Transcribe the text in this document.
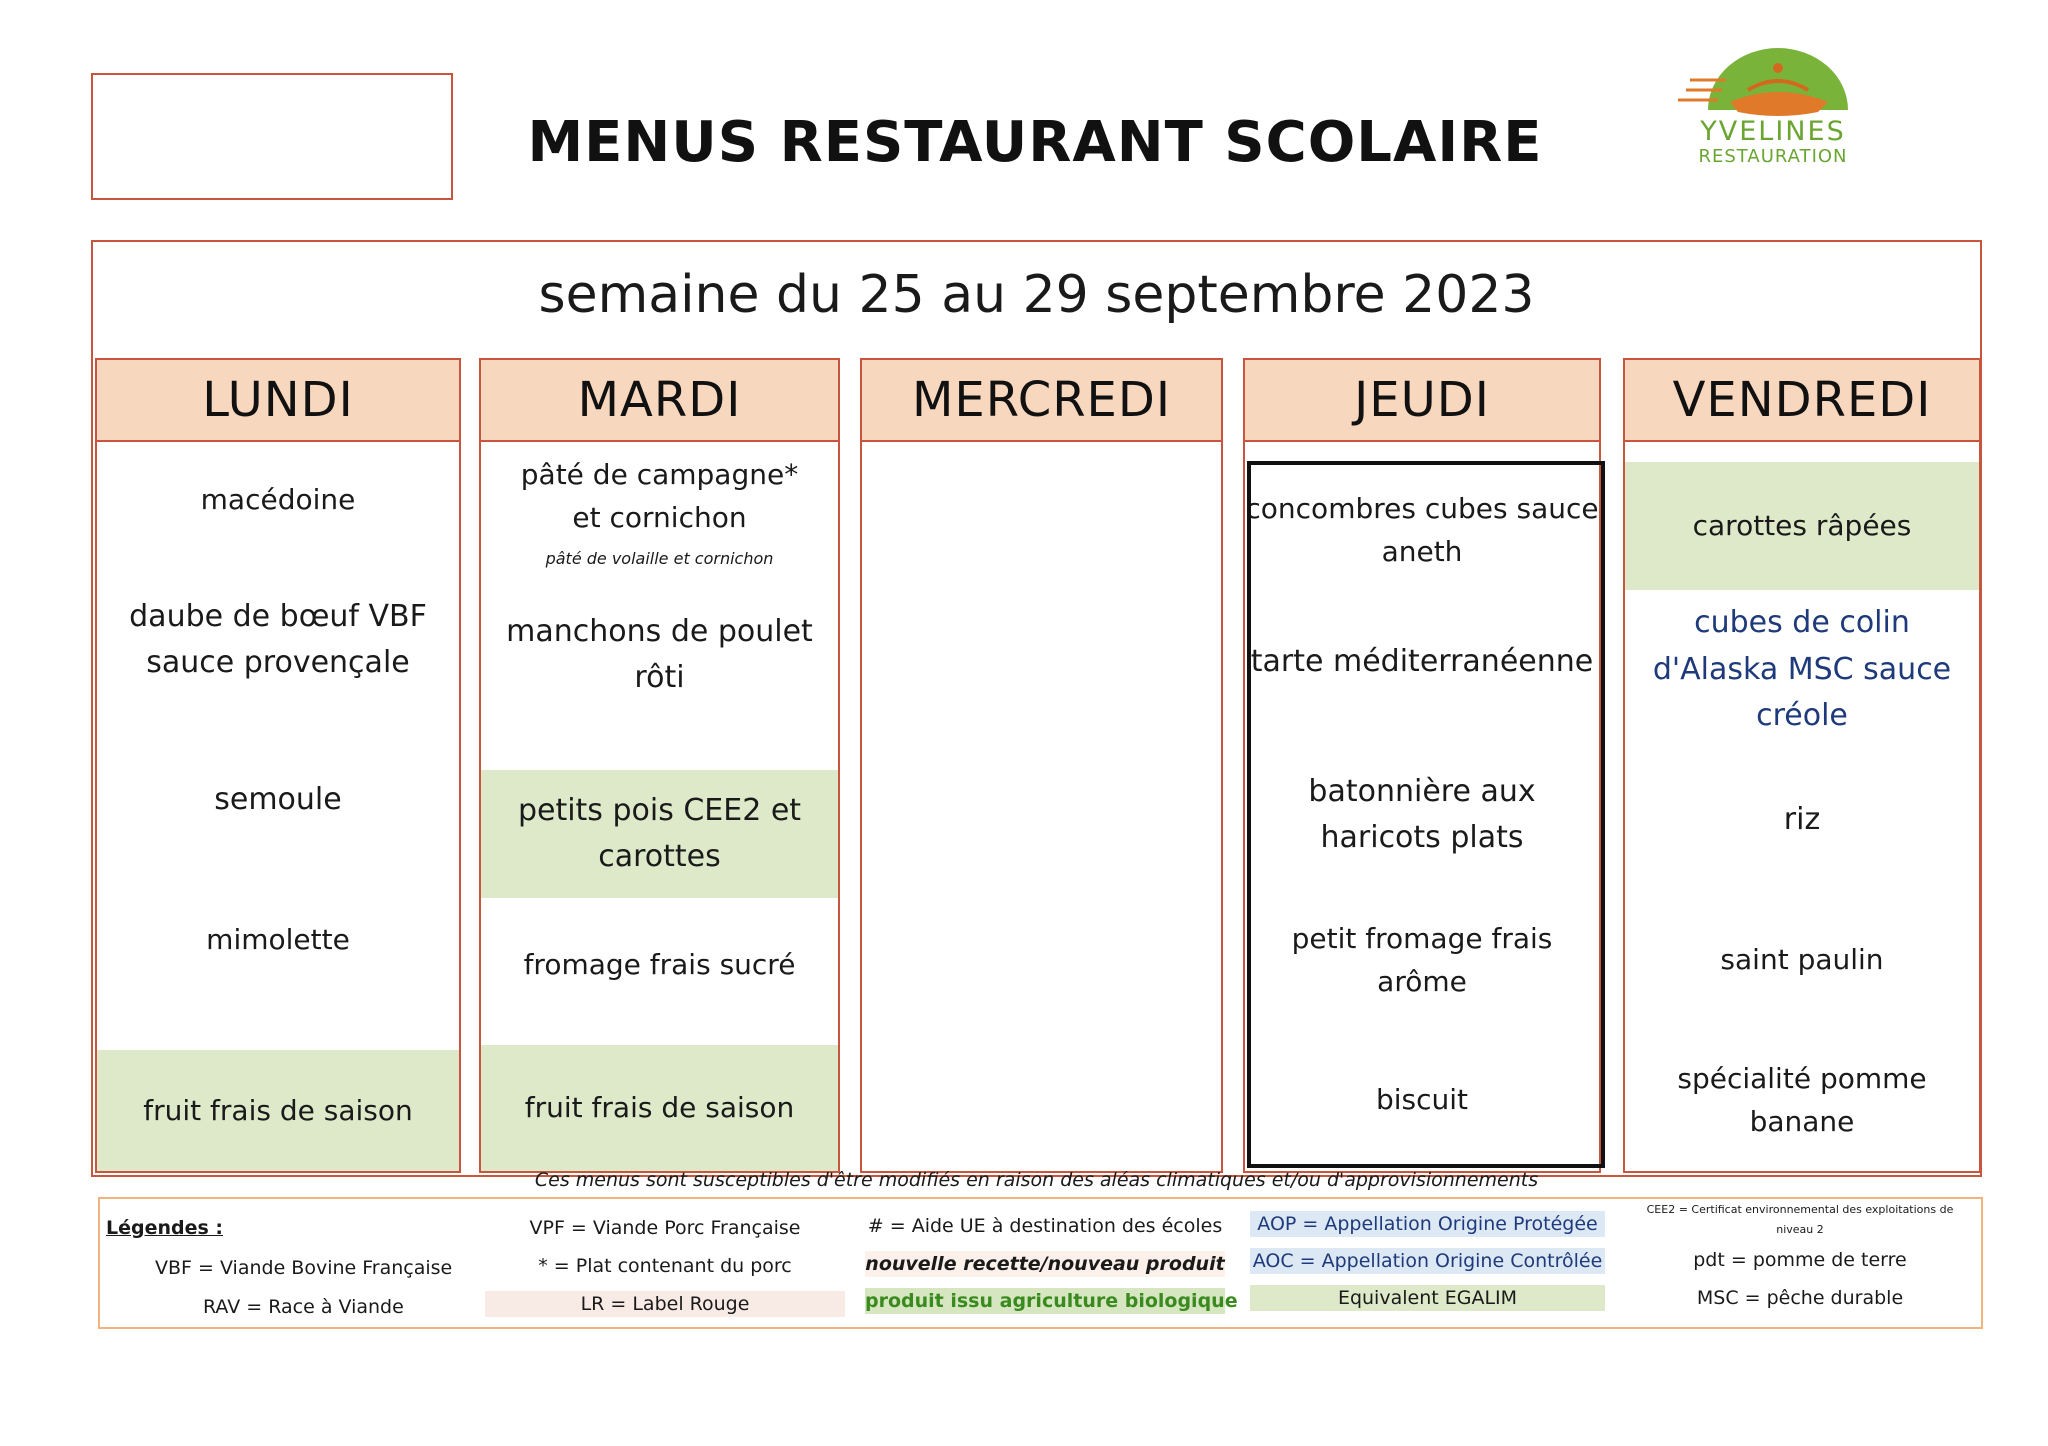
MENUS RESTAURANT SCOLAIRE	YVELINES
RESTAURATION
semaine du 25 au 29 septembre 2023
LUNDI
macédoine
daube de bœuf VBF sauce provençale
semoule
mimolette
fruit frais de saison
MARDI
pâté de campagne* et cornichon
pâté de volaille et cornichon
manchons de poulet rôti
petits pois CEE2 et carottes
fromage frais sucré
fruit frais de saison
MERCREDI	JEUDI
concombres cubes sauce aneth
tarte méditerranéenne
batonnière aux haricots plats
petit fromage frais arôme
biscuit
VENDREDI
carottes râpées
cubes de colin d'Alaska MSC sauce créole
riz
saint paulin
spécialité pomme banane
Ces menus sont susceptibles d'être modifiés en raison des aléas climatiques et/ou d'approvisionnements
Légendes :
VBF = Viande Bovine Française
RAV = Race à Viande
VPF = Viande Porc Française
* = Plat contenant du porc
LR = Label Rouge
# = Aide UE à destination des écoles
nouvelle recette/nouveau produit
produit issu agriculture biologique
AOP = Appellation Origine Protégée
AOC = Appellation Origine Contrôlée
Equivalent EGALIM
CEE2 = Certificat environnemental des exploitations de
niveau 2
pdt = pomme de terre
MSC = pêche durable
